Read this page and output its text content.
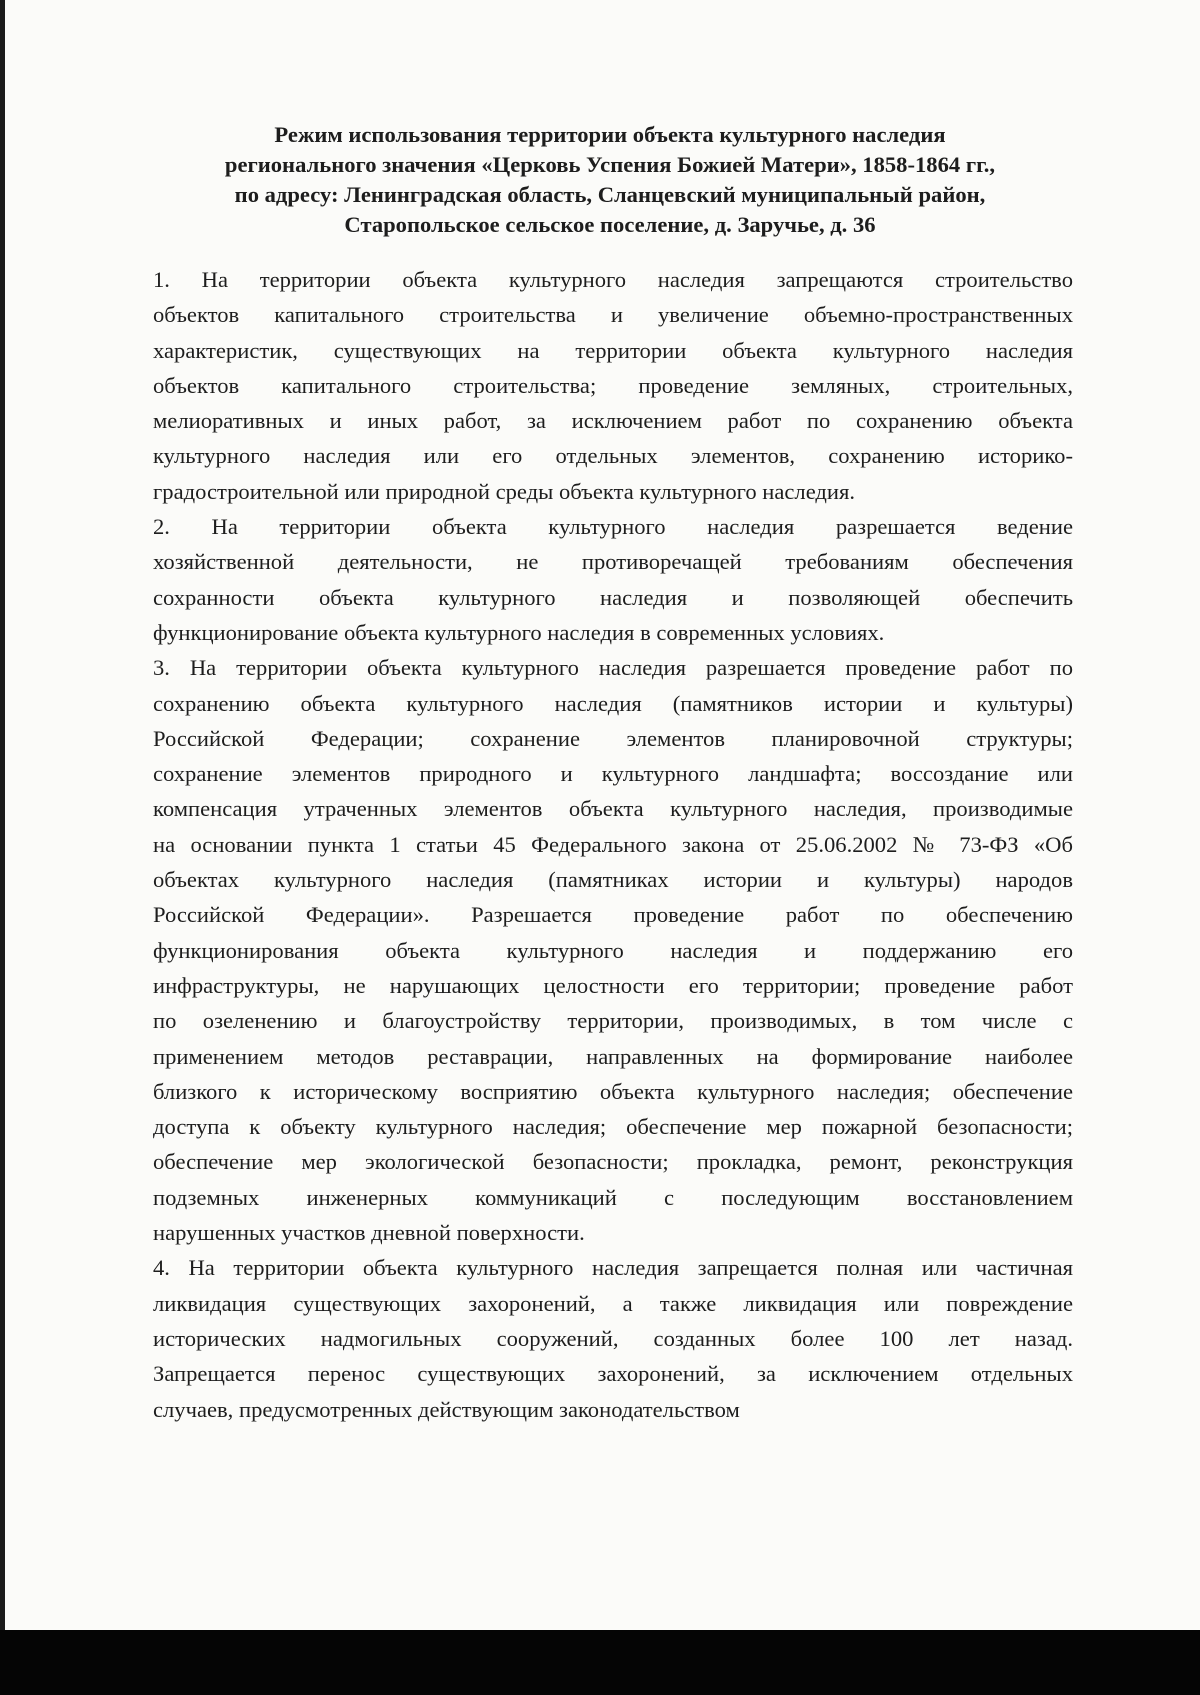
Режим использования территории объекта культурного наследия
регионального значения «Церковь Успения Божией Матери», 1858-1864 гг.,
по адресу: Ленинградская область, Сланцевский муниципальный район,
Старопольское сельское поселение, д. Заручье, д. 36
1. На территории объекта культурного наследия запрещаются строительство
объектов капитального строительства и увеличение объемно-пространственных
характеристик, существующих на территории объекта культурного наследия
объектов капитального строительства; проведение земляных, строительных,
мелиоративных и иных работ, за исключением работ по сохранению объекта
культурного наследия или его отдельных элементов, сохранению историко-
градостроительной или природной среды объекта культурного наследия.
2. На территории объекта культурного наследия разрешается ведение
хозяйственной деятельности, не противоречащей требованиям обеспечения
сохранности объекта культурного наследия и позволяющей обеспечить
функционирование объекта культурного наследия в современных условиях.
3. На территории объекта культурного наследия разрешается проведение работ по
сохранению объекта культурного наследия (памятников истории и культуры)
Российской Федерации; сохранение элементов планировочной структуры;
сохранение элементов природного и культурного ландшафта; воссоздание или
компенсация утраченных элементов объекта культурного наследия, производимые
на основании пункта 1 статьи 45 Федерального закона от 25.06.2002 № 73-ФЗ «Об
объектах культурного наследия (памятниках истории и культуры) народов
Российской Федерации». Разрешается проведение работ по обеспечению
функционирования объекта культурного наследия и поддержанию его
инфраструктуры, не нарушающих целостности его территории; проведение работ
по озеленению и благоустройству территории, производимых, в том числе с
применением методов реставрации, направленных на формирование наиболее
близкого к историческому восприятию объекта культурного наследия; обеспечение
доступа к объекту культурного наследия; обеспечение мер пожарной безопасности;
обеспечение мер экологической безопасности; прокладка, ремонт, реконструкция
подземных инженерных коммуникаций с последующим восстановлением
нарушенных участков дневной поверхности.
4. На территории объекта культурного наследия запрещается полная или частичная
ликвидация существующих захоронений, а также ликвидация или повреждение
исторических надмогильных сооружений, созданных более 100 лет назад.
Запрещается перенос существующих захоронений, за исключением отдельных
случаев, предусмотренных действующим законодательством
